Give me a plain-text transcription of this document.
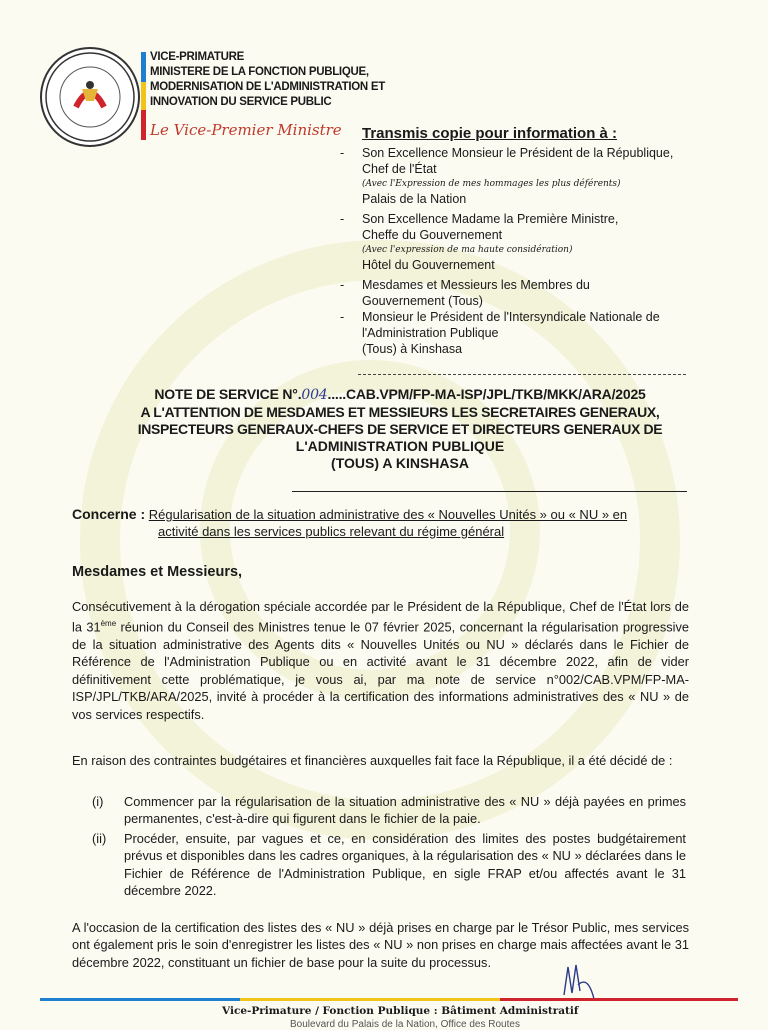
VICE-PRIMATURE
MINISTERE DE LA FONCTION PUBLIQUE,
MODERNISATION DE L'ADMINISTRATION ET
INNOVATION DU SERVICE PUBLIC
Le Vice-Premier Ministre Transmis copie pour information à :
- Son Excellence Monsieur le Président de la République,
Chef de l'État
(Avec l'Expression de mes hommages les plus déférents)
Palais de la Nation
- Son Excellence Madame la Première Ministre,
Cheffe du Gouvernement
(Avec l'expression de ma haute considération)
Hôtel du Gouvernement
- Mesdames et Messieurs les Membres du
Gouvernement (Tous)
- Monsieur le Président de l'Intersyndicale Nationale de
l'Administration Publique
(Tous) à Kinshasa
NOTE DE SERVICE N°.004.....CAB.VPM/FP-MA-ISP/JPL/TKB/MKK/ARA/2025
A L'ATTENTION DE MESDAMES ET MESSIEURS LES SECRETAIRES GENERAUX,
INSPECTEURS GENERAUX-CHEFS DE SERVICE ET DIRECTEURS GENERAUX DE
L'ADMINISTRATION PUBLIQUE
(TOUS) A KINSHASA
Concerne : Régularisation de la situation administrative des « Nouvelles Unités » ou « NU » en
activité dans les services publics relevant du régime général
Mesdames et Messieurs,
Consécutivement à la dérogation spéciale accordée par le Président de la République, Chef de l'État lors de la 31ème réunion du Conseil des Ministres tenue le 07 février 2025, concernant la régularisation progressive de la situation administrative des Agents dits « Nouvelles Unités ou NU » déclarés dans le Fichier de Référence de l'Administration Publique ou en activité avant le 31 décembre 2022, afin de vider définitivement cette problématique, je vous ai, par ma note de service n°002/CAB.VPM/FP-MA-ISP/JPL/TKB/ARA/2025, invité à procéder à la certification des informations administratives des « NU » de vos services respectifs.
En raison des contraintes budgétaires et financières auxquelles fait face la République, il a été décidé de :
(i) Commencer par la régularisation de la situation administrative des « NU » déjà payées en primes permanentes, c'est-à-dire qui figurent dans le fichier de la paie.
(ii) Procéder, ensuite, par vagues et ce, en considération des limites des postes budgétairement prévus et disponibles dans les cadres organiques, à la régularisation des « NU » déclarées dans le Fichier de Référence de l'Administration Publique, en sigle FRAP et/ou affectés avant le 31 décembre 2022.
A l'occasion de la certification des listes des « NU » déjà prises en charge par le Trésor Public, mes services ont également pris le soin d'enregistrer les listes des « NU » non prises en charge mais affectées avant le 31 décembre 2022, constituant un fichier de base pour la suite du processus.
Vice-Primature / Fonction Publique : Bâtiment Administratif
Boulevard du Palais de la Nation, Office des Routes
